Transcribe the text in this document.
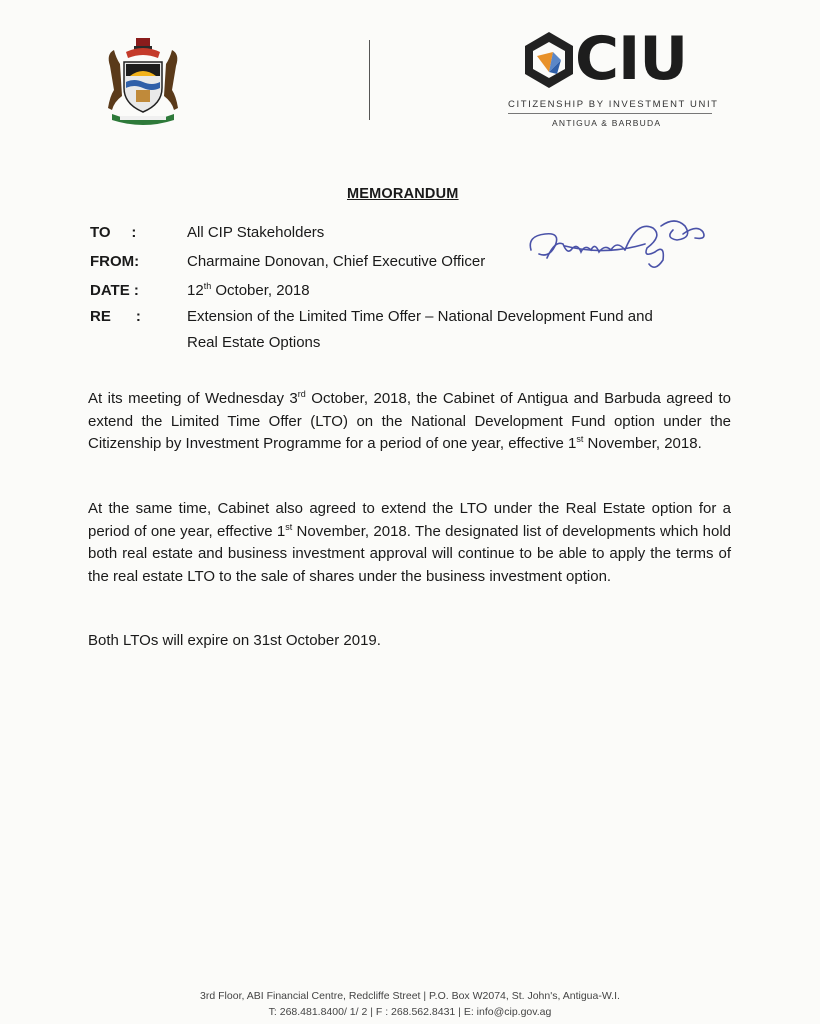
CIU
CITIZENSHIP BY INVESTMENT UNIT
ANTIGUA & BARBUDA
MEMORANDUM
TO     :	All CIP Stakeholders
FROM:	Charmaine Donovan, Chief Executive Officer
DATE :	12th October, 2018
RE      :	Extension of the Limited Time Offer – National Development Fund and
Real Estate Options
At its meeting of Wednesday 3rd October, 2018, the Cabinet of Antigua and Barbuda agreed to extend the Limited Time Offer (LTO) on the National Development Fund option under the Citizenship by Investment Programme for a period of one year, effective 1st November, 2018.
At the same time, Cabinet also agreed to extend the LTO under the Real Estate option for a period of one year, effective 1st November, 2018. The designated list of developments which hold both real estate and business investment approval will continue to be able to apply the terms of the real estate LTO to the sale of shares under the business investment option.
Both LTOs will expire on 31st October 2019.
3rd Floor, ABI Financial Centre, Redcliffe Street | P.O. Box W2074, St. John's, Antigua-W.I.
T: 268.481.8400/ 1/ 2 | F : 268.562.8431 | E: info@cip.gov.ag
